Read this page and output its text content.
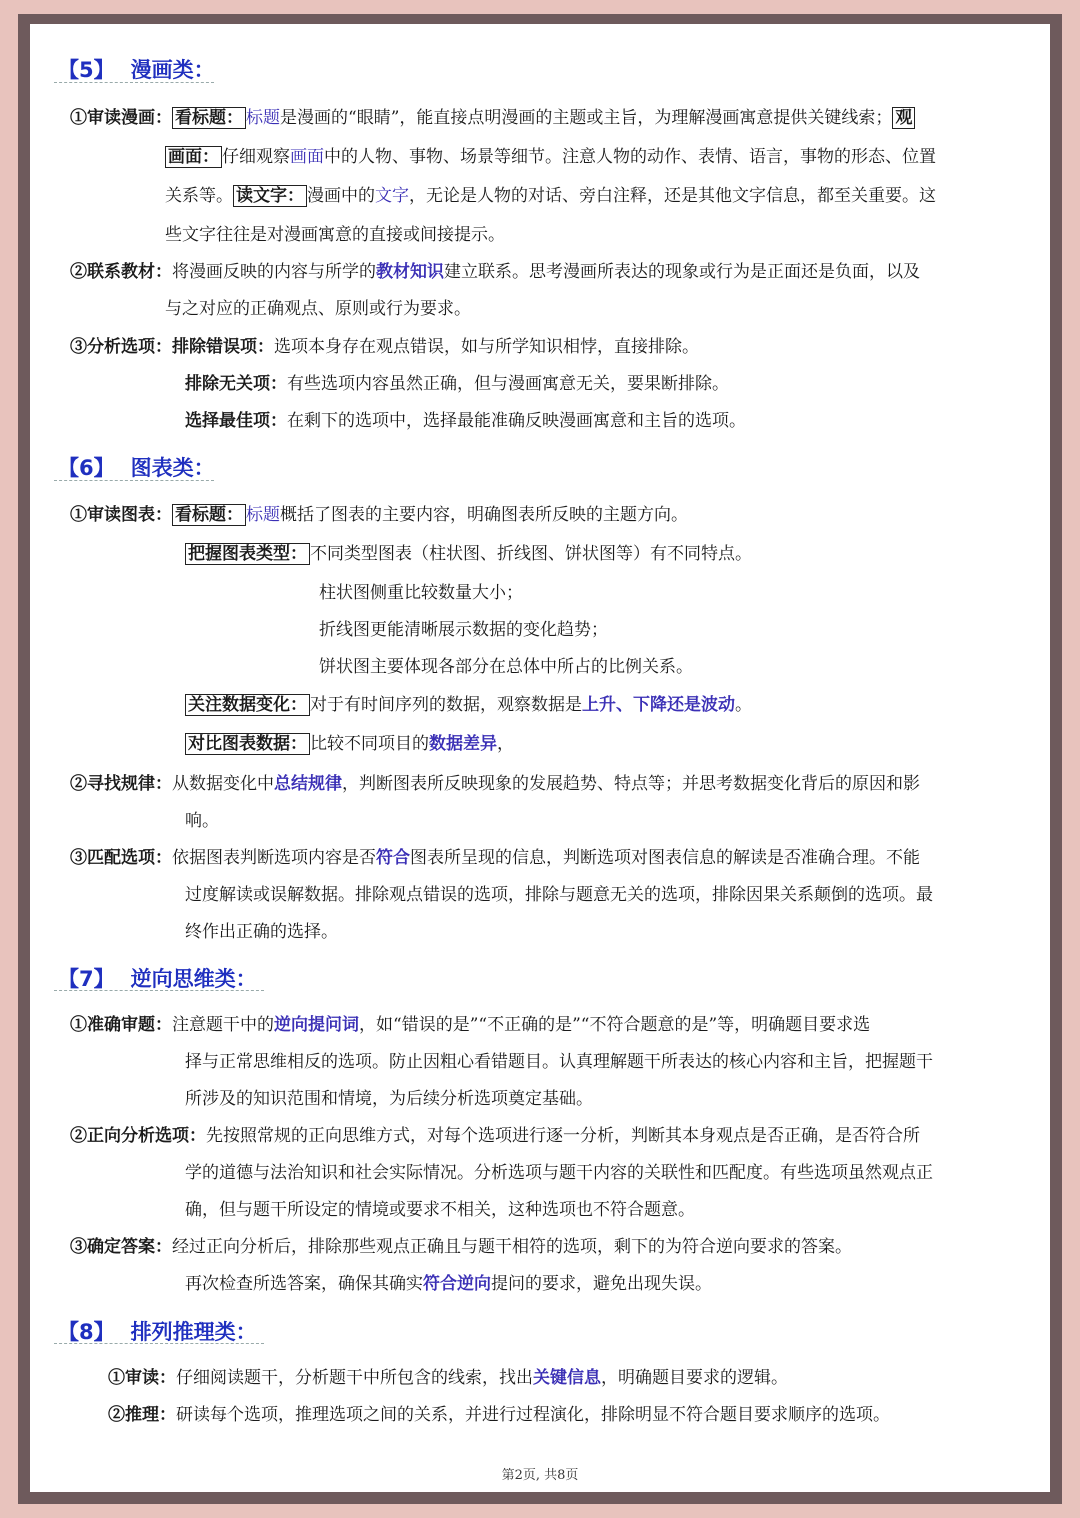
【5】 漫画类：
①审读漫画： 看标题： 标题是漫画的“眼睛”，能直接点明漫画的主题或主旨，为理解漫画寓意提供关键线索； 观
画面： 仔细观察画面中的人物、事物、场景等细节。注意人物的动作、表情、语言，事物的形态、位置
关系等。 读文字： 漫画中的文字，无论是人物的对话、旁白注释，还是其他文字信息，都至关重要。这
些文字往往是对漫画寓意的直接或间接提示。
②联系教材：将漫画反映的内容与所学的教材知识建立联系。思考漫画所表达的现象或行为是正面还是负面，以及
与之对应的正确观点、原则或行为要求。
③分析选项：排除错误项：选项本身存在观点错误，如与所学知识相悖，直接排除。
排除无关项：有些选项内容虽然正确，但与漫画寓意无关，要果断排除。
选择最佳项：在剩下的选项中，选择最能准确反映漫画寓意和主旨的选项。
【6】 图表类：
①审读图表： 看标题： 标题概括了图表的主要内容，明确图表所反映的主题方向。
把握图表类型： 不同类型图表（柱状图、折线图、饼状图等）有不同特点。
柱状图侧重比较数量大小；
折线图更能清晰展示数据的变化趋势；
饼状图主要体现各部分在总体中所占的比例关系。
关注数据变化： 对于有时间序列的数据，观察数据是上升、下降还是波动。
对比图表数据： 比较不同项目的数据差异，
②寻找规律：从数据变化中总结规律，判断图表所反映现象的发展趋势、特点等；并思考数据变化背后的原因和影
响。
③匹配选项：依据图表判断选项内容是否符合图表所呈现的信息，判断选项对图表信息的解读是否准确合理。不能
过度解读或误解数据。排除观点错误的选项，排除与题意无关的选项，排除因果关系颠倒的选项。最
终作出正确的选择。
【7】 逆向思维类：
①准确审题：注意题干中的逆向提问词，如“错误的是”“不正确的是”“不符合题意的是”等，明确题目要求选
择与正常思维相反的选项。防止因粗心看错题目。认真理解题干所表达的核心内容和主旨，把握题干
所涉及的知识范围和情境，为后续分析选项奠定基础。
②正向分析选项：先按照常规的正向思维方式，对每个选项进行逐一分析，判断其本身观点是否正确，是否符合所
学的道德与法治知识和社会实际情况。分析选项与题干内容的关联性和匹配度。有些选项虽然观点正
确，但与题干所设定的情境或要求不相关，这种选项也不符合题意。
③确定答案：经过正向分析后，排除那些观点正确且与题干相符的选项，剩下的为符合逆向要求的答案。
再次检查所选答案，确保其确实符合逆向提问的要求，避免出现失误。
【8】 排列推理类：
①审读：仔细阅读题干，分析题干中所包含的线索，找出关键信息，明确题目要求的逻辑。
②推理：研读每个选项，推理选项之间的关系，并进行过程演化，排除明显不符合题目要求顺序的选项。
第2页, 共8页
